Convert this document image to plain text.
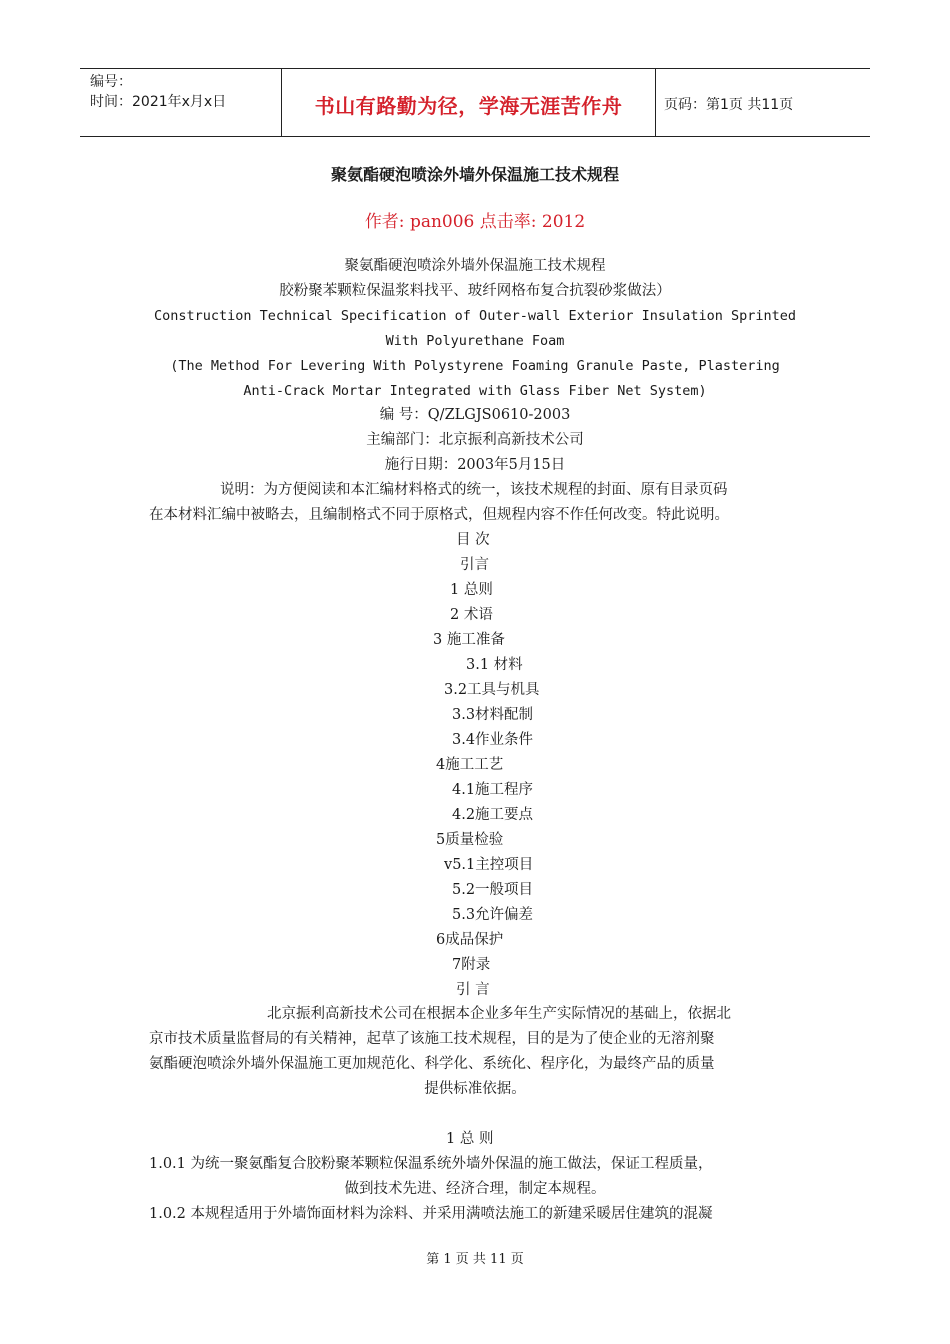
编号：
时间：2021年x月x日	书山有路勤为径，学海无涯苦作舟	页码：第1页 共11页
聚氨酯硬泡喷涂外墙外保温施工技术规程
作者: pan006 点击率: 2012
聚氨酯硬泡喷涂外墙外保温施工技术规程
胶粉聚苯颗粒保温浆料找平、玻纤网格布复合抗裂砂浆做法）
Construction Technical Specification of Outer-wall Exterior Insulation Sprinted
With Polyurethane Foam
(The Method For Levering With Polystyrene Foaming Granule Paste, Plastering
Anti-Crack Mortar Integrated with Glass Fiber Net System)
编 号：Q/ZLGJS0610-2003
主编部门：北京振利高新技术公司
施行日期：2003年5月15日
说明：为方便阅读和本汇编材料格式的统一，该技术规程的封面、原有目录页码
在本材料汇编中被略去，且编制格式不同于原格式，但规程内容不作任何改变。特此说明。
目 次
引言
1 总则
2 术语
3 施工准备
3.1 材料
3.2工具与机具
3.3材料配制
3.4作业条件
4施工工艺
4.1施工程序
4.2施工要点
5质量检验
v5.1主控项目
5.2一般项目
5.3允许偏差
6成品保护
7附录
引 言
北京振利高新技术公司在根据本企业多年生产实际情况的基础上，依据北
京市技术质量监督局的有关精神，起草了该施工技术规程，目的是为了使企业的无溶剂聚
氨酯硬泡喷涂外墙外保温施工更加规范化、科学化、系统化、程序化，为最终产品的质量
提供标准依据。
1 总 则
1.0.1 为统一聚氨酯复合胶粉聚苯颗粒保温系统外墙外保温的施工做法，保证工程质量，
做到技术先进、经济合理，制定本规程。
1.0.2 本规程适用于外墙饰面材料为涂料、并采用满喷法施工的新建采暖居住建筑的混凝
第 1 页 共 11 页
